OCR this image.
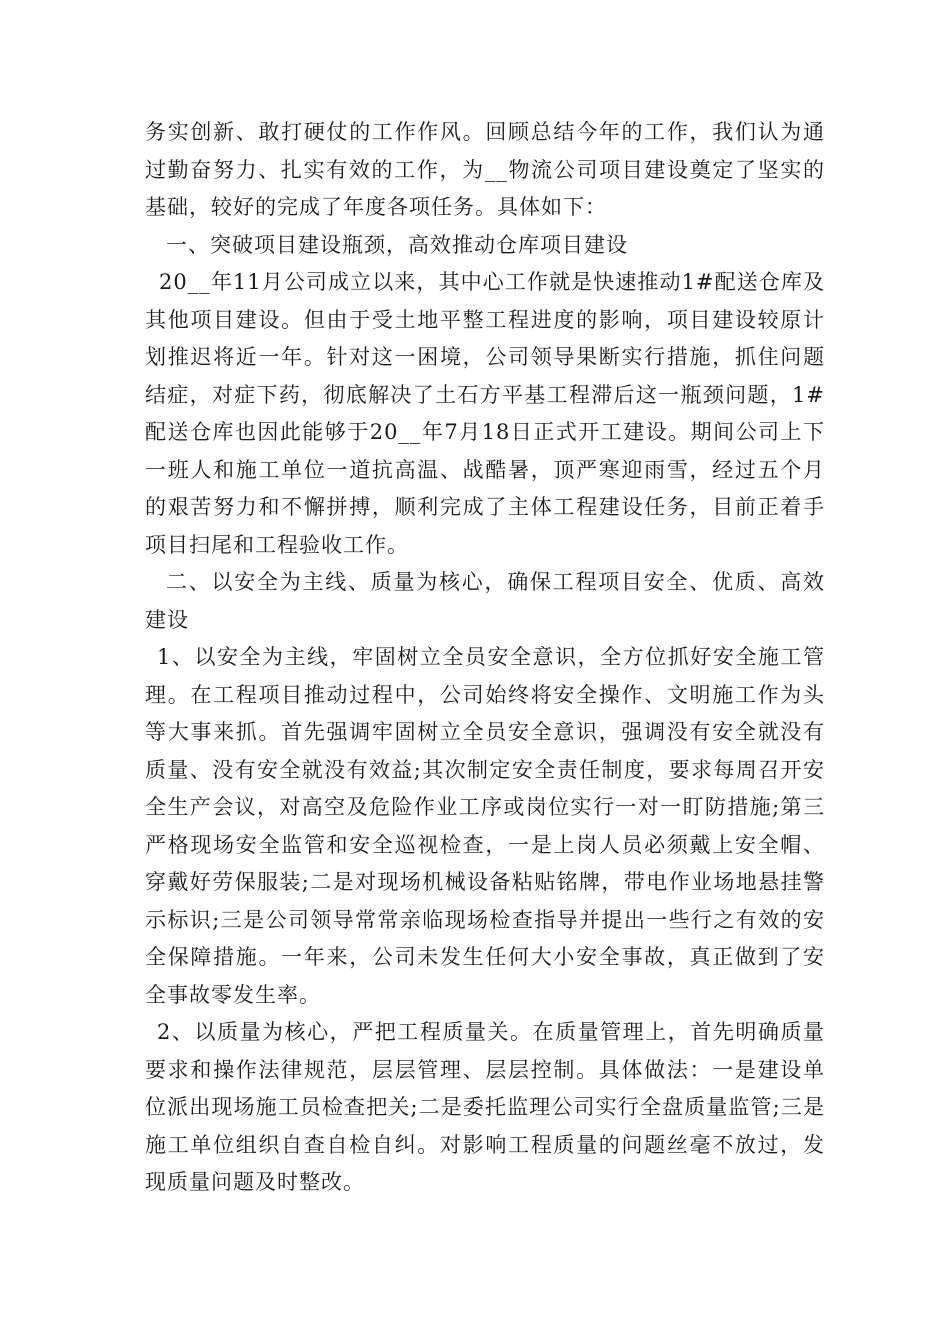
务实创新、敢打硬仗的工作作风。回顾总结今年的工作，我们认为通过勤奋努力、扎实有效的工作，为__物流公司项目建设奠定了坚实的基础，较好的完成了年度各项任务。具体如下：

一、突破项目建设瓶颈，高效推动仓库项目建设

20__年11月公司成立以来，其中心工作就是快速推动1#配送仓库及其他项目建设。但由于受土地平整工程进度的影响，项目建设较原计划推迟将近一年。针对这一困境，公司领导果断实行措施，抓住问题结症，对症下药，彻底解决了土石方平基工程滞后这一瓶颈问题，1#配送仓库也因此能够于20__年7月18日正式开工建设。期间公司上下一班人和施工单位一道抗高温、战酷暑，顶严寒迎雨雪，经过五个月的艰苦努力和不懈拼搏，顺利完成了主体工程建设任务，目前正着手项目扫尾和工程验收工作。

二、以安全为主线、质量为核心，确保工程项目安全、优质、高效建设

1、以安全为主线，牢固树立全员安全意识，全方位抓好安全施工管理。在工程项目推动过程中，公司始终将安全操作、文明施工作为头等大事来抓。首先强调牢固树立全员安全意识，强调没有安全就没有质量、没有安全就没有效益;其次制定安全责任制度，要求每周召开安全生产会议，对高空及危险作业工序或岗位实行一对一盯防措施;第三严格现场安全监管和安全巡视检查，一是上岗人员必须戴上安全帽、穿戴好劳保服装;二是对现场机械设备粘贴铭牌，带电作业场地悬挂警示标识;三是公司领导常常亲临现场检查指导并提出一些行之有效的安全保障措施。一年来，公司未发生任何大小安全事故，真正做到了安全事故零发生率。

2、以质量为核心，严把工程质量关。在质量管理上，首先明确质量要求和操作法律规范，层层管理、层层控制。具体做法：一是建设单位派出现场施工员检查把关;二是委托监理公司实行全盘质量监管;三是施工单位组织自查自检自纠。对影响工程质量的问题丝毫不放过，发现质量问题及时整改。
